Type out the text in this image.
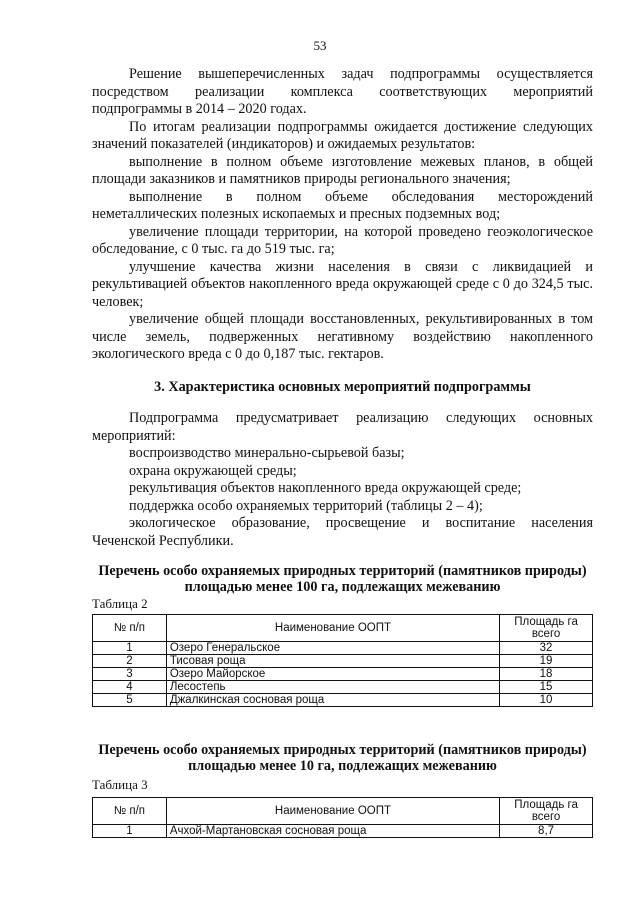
53

Решение вышеперечисленных задач подпрограммы осуществляется посредством реализации комплекса соответствующих мероприятий подпрограммы в 2014 – 2020 годах.

По итогам реализации подпрограммы ожидается достижение следующих значений показателей (индикаторов) и ожидаемых результатов:

выполнение в полном объеме изготовление межевых планов, в общей площади заказников и памятников природы регионального значения;

выполнение в полном объеме обследования месторождений неметаллических полезных ископаемых и пресных подземных вод;

увеличение площади территории, на которой проведено геоэкологическое обследование, с 0 тыс. га до 519 тыс. га;

улучшение качества жизни населения в связи с ликвидацией и рекультивацией объектов накопленного вреда окружающей среде с 0 до 324,5 тыс. человек;

увеличение общей площади восстановленных, рекультивированных в том числе земель, подверженных негативному воздействию накопленного экологического вреда с 0 до 0,187 тыс. гектаров.

3. Характеристика основных мероприятий подпрограммы

Подпрограмма предусматривает реализацию следующих основных мероприятий:

воспроизводство минерально-сырьевой базы;

охрана окружающей среды;

рекультивация объектов накопленного вреда окружающей среде;

поддержка особо охраняемых территорий (таблицы 2 – 4);

экологическое образование, просвещение и воспитание населения Чеченской Республики.

Перечень особо охраняемых природных территорий (памятников природы) площадью менее 100 га, подлежащих межеванию
Таблица 2
№ п/п	Наименование ООПТ	Площадь га всего
1	Озеро Генеральское	32
2	Тисовая роща	19
3	Озеро Майорское	18
4	Лесостепь	15
5	Джалкинская сосновая роща	10
Перечень особо охраняемых природных территорий (памятников природы) площадью менее 10 га, подлежащих межеванию
Таблица 3
№ п/п	Наименование ООПТ	Площадь га всего
1	Ачхой-Мартановская сосновая роща	8,7
